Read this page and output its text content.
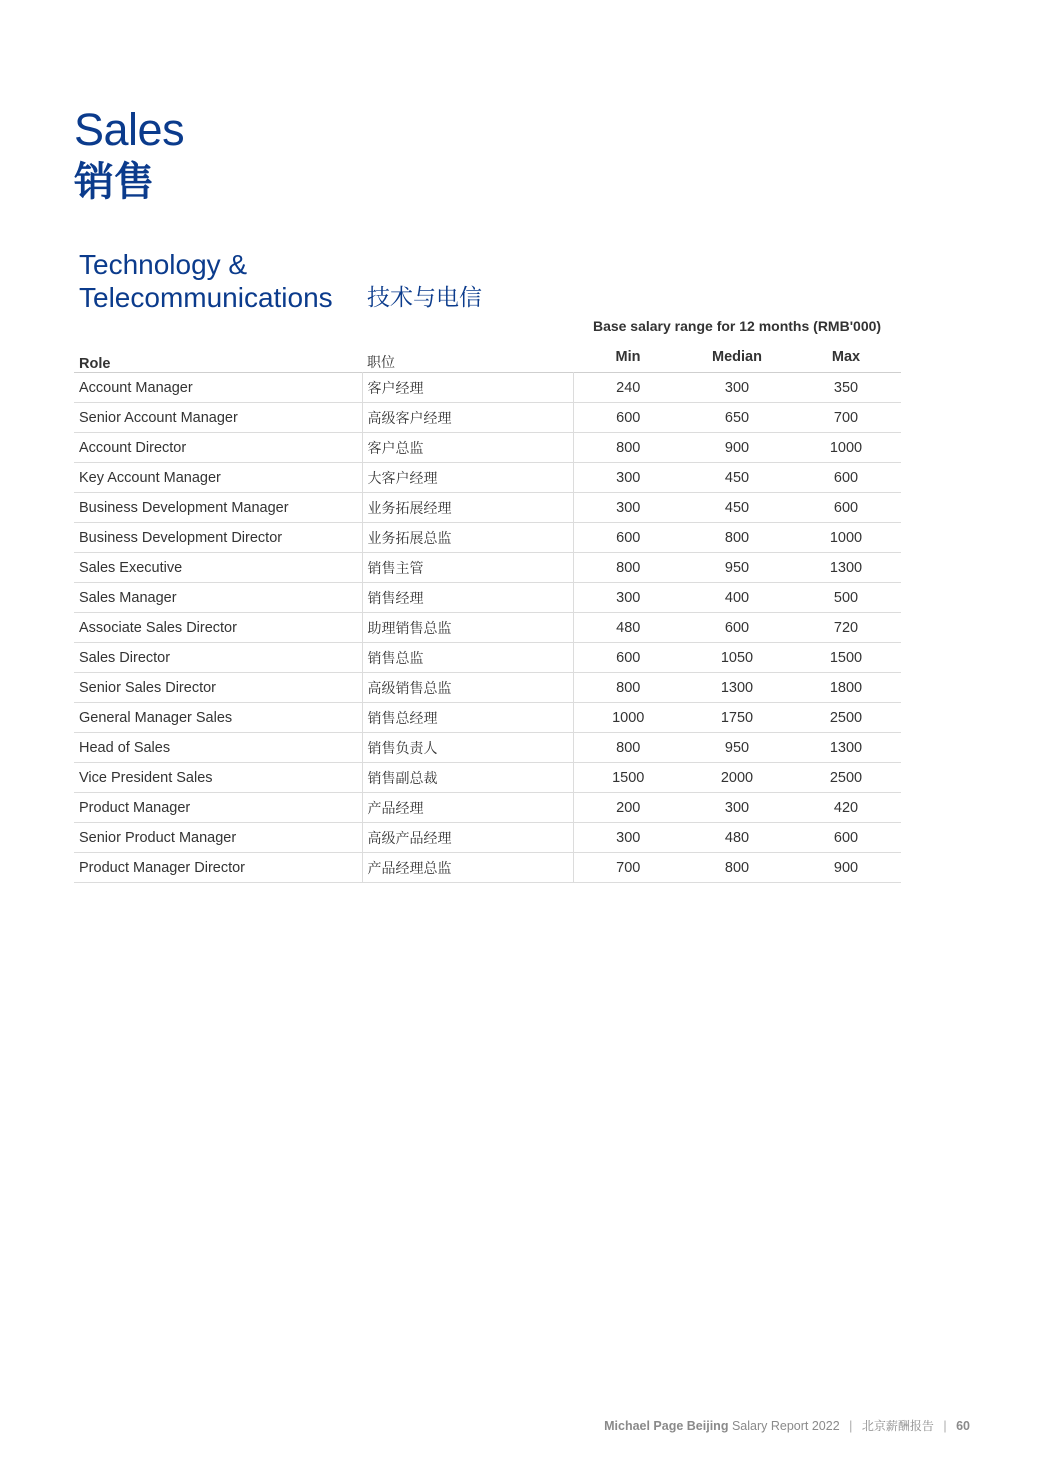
Sales
销售
Technology & Telecommunications	技术与电信
Base salary range for 12 months (RMB'000)
Role	职位	Min	Median	Max
Account Manager	客户经理	240	300	350
Senior Account Manager	高级客户经理	600	650	700
Account Director	客户总监	800	900	1000
Key Account Manager	大客户经理	300	450	600
Business Development Manager	业务拓展经理	300	450	600
Business Development Director	业务拓展总监	600	800	1000
Sales Executive	销售主管	800	950	1300
Sales Manager	销售经理	300	400	500
Associate Sales Director	助理销售总监	480	600	720
Sales Director	销售总监	600	1050	1500
Senior Sales Director	高级销售总监	800	1300	1800
General Manager Sales	销售总经理	1000	1750	2500
Head of Sales	销售负责人	800	950	1300
Vice President Sales	销售副总裁	1500	2000	2500
Product Manager	产品经理	200	300	420
Senior Product Manager	高级产品经理	300	480	600
Product Manager Director	产品经理总监	700	800	900
Michael Page Beijing Salary Report 2022 | 北京薪酬报告 | 60
